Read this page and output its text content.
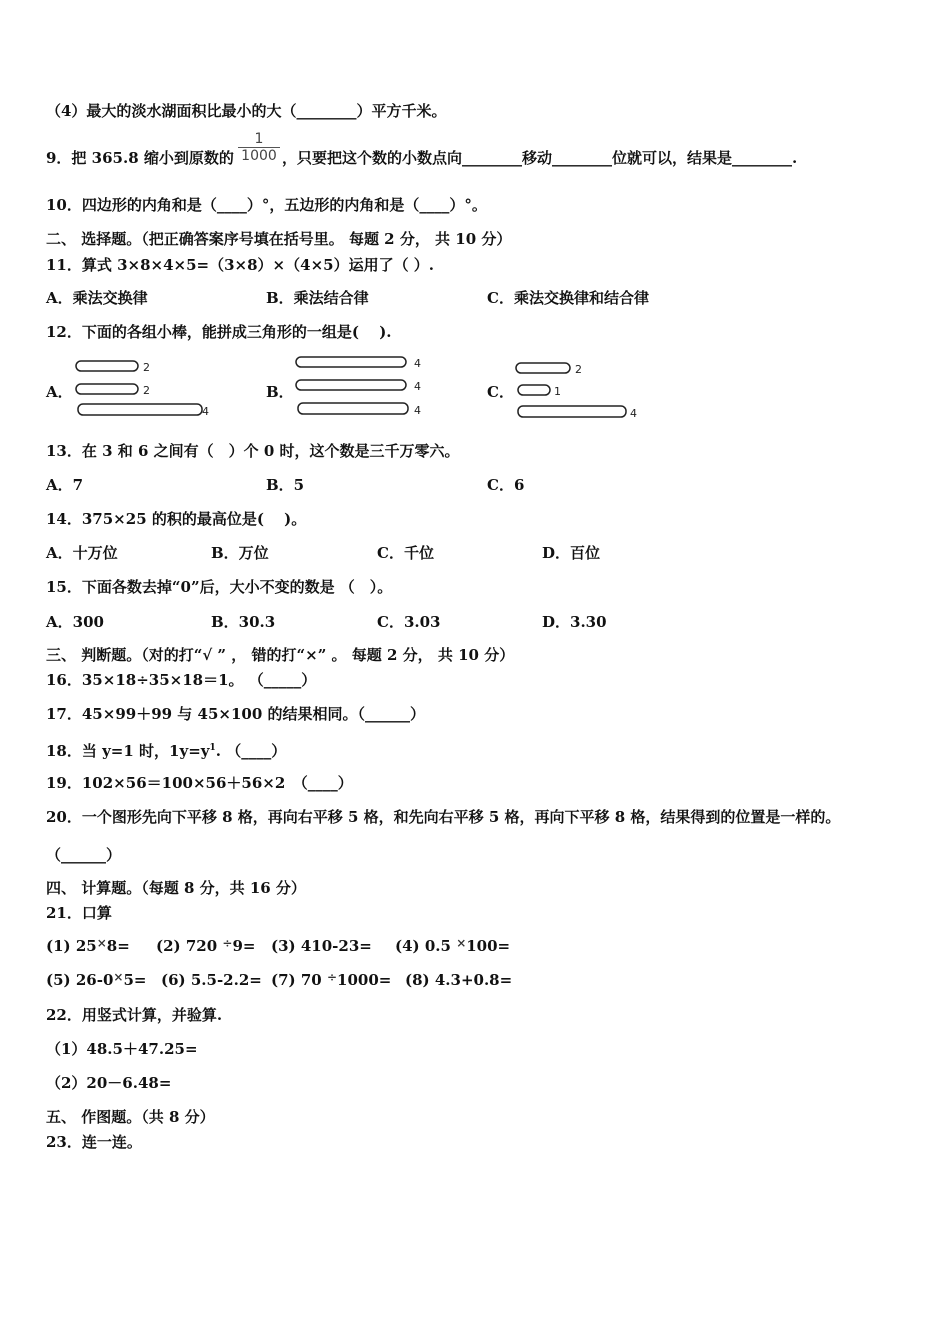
（4）最大的淡水湖面积比最小的大（________）平方千米。
9．把 365.8 缩小到原数的
1
1000 ，只要把这个数的小数点向________移动________位就可以，结果是________.
10．四边形的内角和是（____）°，五边形的内角和是（____）°。
二、 选择题。（把正确答案序号填在括号里。 每题 2 分， 共 10 分）
11．算式 3×8×4×5=（3×8）×（4×5）运用了（ ）.
A．乘法交换律	B．乘法结合律	C．乘法交换律和结合律
12．下面的各组小棒，能拼成三角形的一组是(　 ).
A．	B．	C．
2
2
4
4
4
4
2
1
4
13．在 3 和 6 之间有（　）个 0 时，这个数是三千万零六。
A．7	B．5	C．6
14．375×25 的积的最高位是(　 )。
A．十万位	B．万位	C．千位	D．百位
15．下面各数去掉“0”后，大小不变的数是 （　）。
A．300	B．30.3	C．3.03	D．3.30
三、 判断题。（对的打“√ ” ， 错的打“×” 。 每题 2 分， 共 10 分）
16．35×18÷35×18＝1。 （_____）
17．45×99＋99 与 45×100 的结果相同。（______）
18．当 y=1 时，$1y=y^1$. （____）
19．102×56＝100×56＋56×2　（____）
20．一个图形先向下平移 8 格，再向右平移 5 格，和先向右平移 5 格，再向下平移 8 格，结果得到的位置是一样的。
（______）
四、 计算题。（每题 8 分，共 16 分）
21．口算
(1) 25×8= (2) 720 ÷9= (3) 410-23= (4) 0.5 ×100=
(5) 26-0×5= (6) 5.5-2.2= (7) 70 ÷1000= (8) 4.3+0.8=
22．用竖式计算，并验算.
（1）48.5＋47.25=
（2）20－6.48=
五、 作图题。（共 8 分）
23．连一连。
